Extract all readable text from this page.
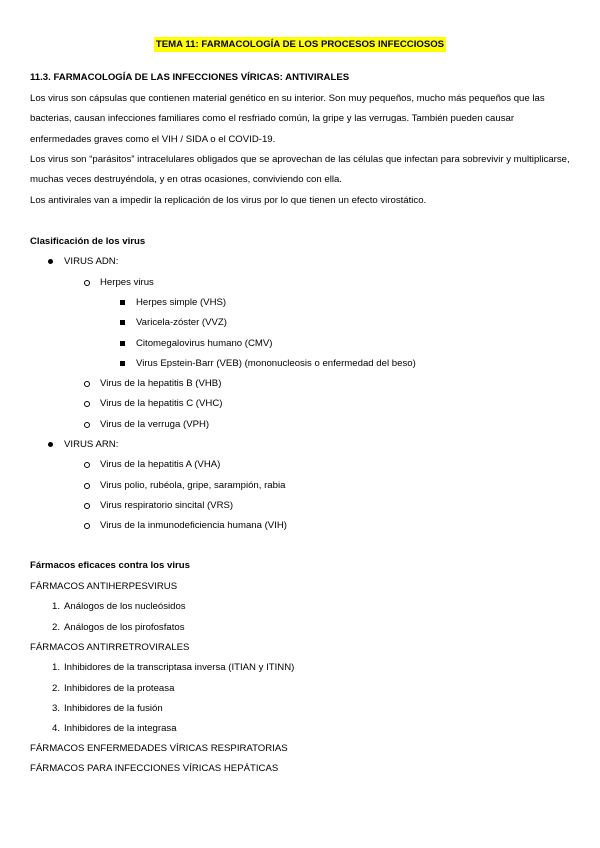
TEMA 11: FARMACOLOGÍA DE LOS PROCESOS INFECCIOSOS
11.3. FARMACOLOGÍA DE LAS INFECCIONES VÍRICAS: ANTIVIRALES
Los virus son cápsulas que contienen material genético en su interior. Son muy pequeños, mucho más pequeños que las bacterias, causan infecciones familiares como el resfriado común, la gripe y las verrugas. También pueden causar enfermedades graves como el VIH / SIDA o el COVID-19.
Los virus son “parásitos” intracelulares obligados que se aprovechan de las células que infectan para sobrevivir y multiplicarse, muchas veces destruyéndola, y en otras ocasiones, conviviendo con ella.
Los antivirales van a impedir la replicación de los virus por lo que tienen un efecto virostático.
Clasificación de los virus
VIRUS ADN:
Herpes virus
Herpes simple (VHS)
Varicela-zóster (VVZ)
Citomegalovirus humano (CMV)
Virus Epstein-Barr (VEB) (mononucleosis o enfermedad del beso)
Virus de la hepatitis B (VHB)
Virus de la hepatitis C (VHC)
Virus de la verruga (VPH)
VIRUS ARN:
Virus de la hepatitis A (VHA)
Virus polio, rubéola, gripe, sarampión, rabia
Virus respiratorio sincital (VRS)
Virus de la inmunodeficiencia humana (VIH)
Fármacos eficaces contra los virus
FÁRMACOS ANTIHERPESVIRUS
1. Análogos de los nucleósidos
2. Análogos de los pirofosfatos
FÁRMACOS ANTIRRETROVIRALES
1. Inhibidores de la transcriptasa inversa (ITIAN y ITINN)
2. Inhibidores de la proteasa
3. Inhibidores de la fusión
4. Inhibidores de la integrasa
FÁRMACOS ENFERMEDADES VÍRICAS RESPIRATORIAS
FÁRMACOS PARA INFECCIONES VÍRICAS HEPÁTICAS
